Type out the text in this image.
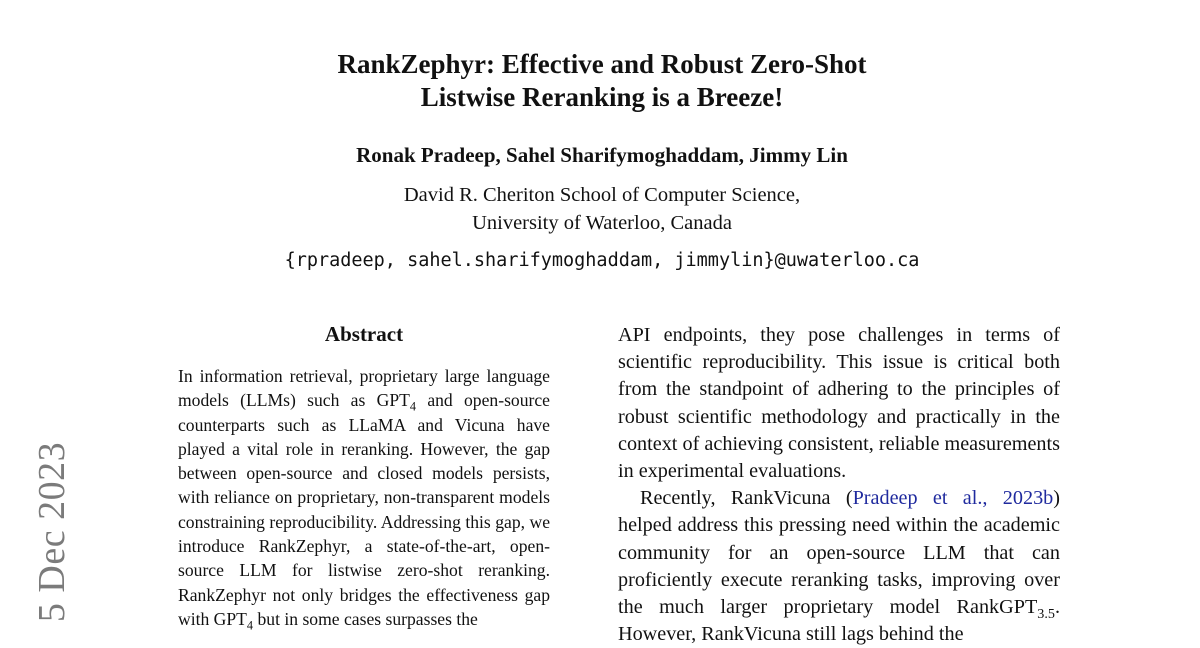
5 Dec 2023
RankZephyr: Effective and Robust Zero-Shot
Listwise Reranking is a Breeze!
Ronak Pradeep, Sahel Sharifymoghaddam, Jimmy Lin
David R. Cheriton School of Computer Science,
University of Waterloo, Canada
{rpradeep, sahel.sharifymoghaddam, jimmylin}@uwaterloo.ca
Abstract
In information retrieval, proprietary large language models (LLMs) such as $GPT_4$ and open-source counterparts such as LLaMA and Vicuna have played a vital role in reranking. However, the gap between open-source and closed models persists, with reliance on proprietary, non-transparent models constraining reproducibility. Addressing this gap, we introduce RankZephyr, a state-of-the-art, open-source LLM for listwise zero-shot reranking. RankZephyr not only bridges the effectiveness gap with $GPT_4$ but in some cases surpasses the

API endpoints, they pose challenges in terms of scientific reproducibility. This issue is critical both from the standpoint of adhering to the principles of robust scientific methodology and practically in the context of achieving consistent, reliable measurements in experimental evaluations.

Recently, RankVicuna (Pradeep et al., 2023b) helped address this pressing need within the academic community for an open-source LLM that can proficiently execute reranking tasks, improving over the much larger proprietary model RankGPT$_{3.5}$. However, RankVicuna still lags behind the
